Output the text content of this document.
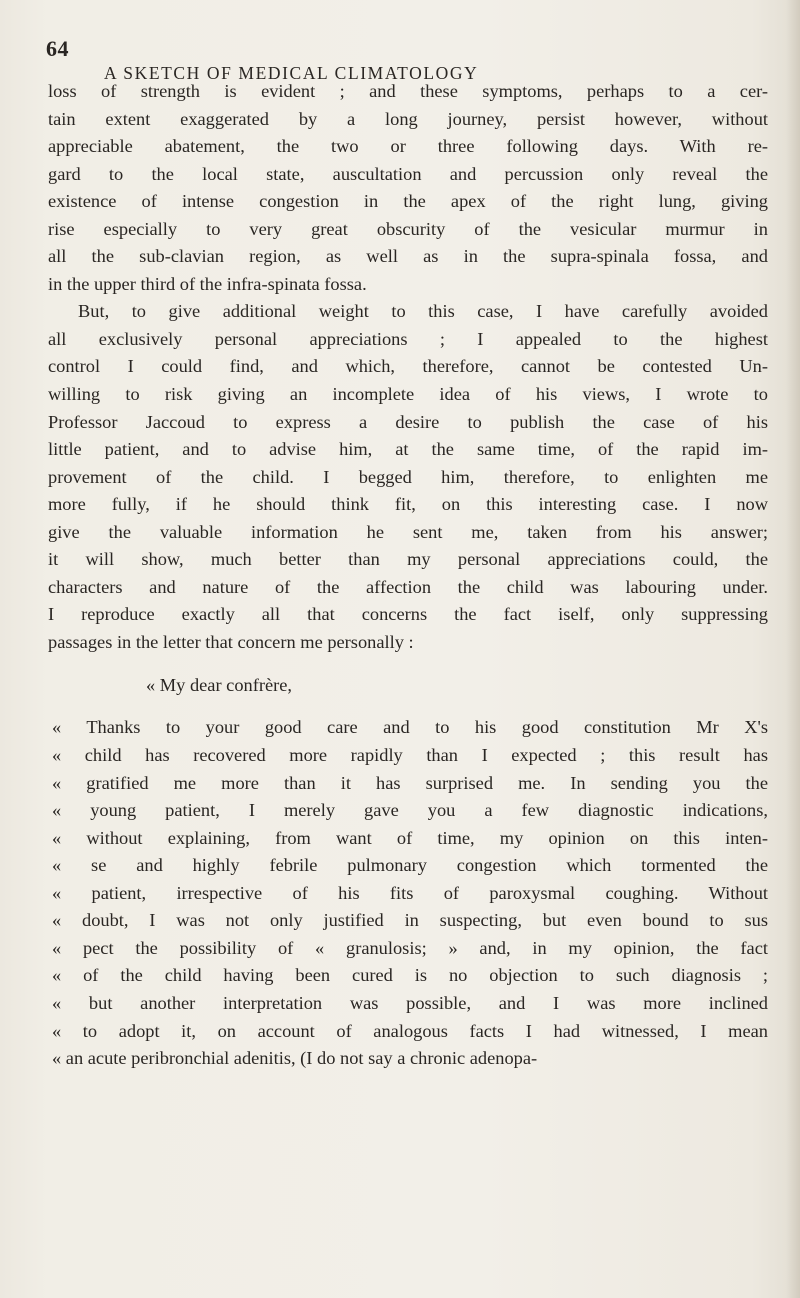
64
A SKETCH OF MEDICAL CLIMATOLOGY
loss of strength is evident ; and these symptoms, perhaps to a cer-
tain extent exaggerated by a long journey, persist however, without
appreciable abatement, the two or three following days. With re-
gard to the local state, auscultation and percussion only reveal the
existence of intense congestion in the apex of the right lung, giving
rise especially to very great obscurity of the vesicular murmur in
all the sub-clavian region, as well as in the supra-spinala fossa, and
in the upper third of the infra-spinata fossa.
But, to give additional weight to this case, I have carefully avoided
all exclusively personal appreciations ; I appealed to the highest
control I could find, and which, therefore, cannot be contested Un-
willing to risk giving an incomplete idea of his views, I wrote to
Professor Jaccoud to express a desire to publish the case of his
little patient, and to advise him, at the same time, of the rapid im-
provement of the child. I begged him, therefore, to enlighten me
more fully, if he should think fit, on this interesting case. I now
give the valuable information he sent me, taken from his answer;
it will show, much better than my personal appreciations could, the
characters and nature of the affection the child was labouring under.
I reproduce exactly all that concerns the fact iself, only suppressing
passages in the letter that concern me personally :
« My dear confrère,
« Thanks to your good care and to his good constitution Mr X's
« child has recovered more rapidly than I expected ; this result has
« gratified me more than it has surprised me. In sending you the
« young patient, I merely gave you a few diagnostic indications,
« without explaining, from want of time, my opinion on this inten-
« se and highly febrile pulmonary congestion which tormented the
« patient, irrespective of his fits of paroxysmal coughing. Without
« doubt, I was not only justified in suspecting, but even bound to sus
« pect the possibility of « granulosis; » and, in my opinion, the fact
« of the child having been cured is no objection to such diagnosis ;
« but another interpretation was possible, and I was more inclined
« to adopt it, on account of analogous facts I had witnessed, I mean
« an acute peribronchial adenitis, (I do not say a chronic adenopa-
